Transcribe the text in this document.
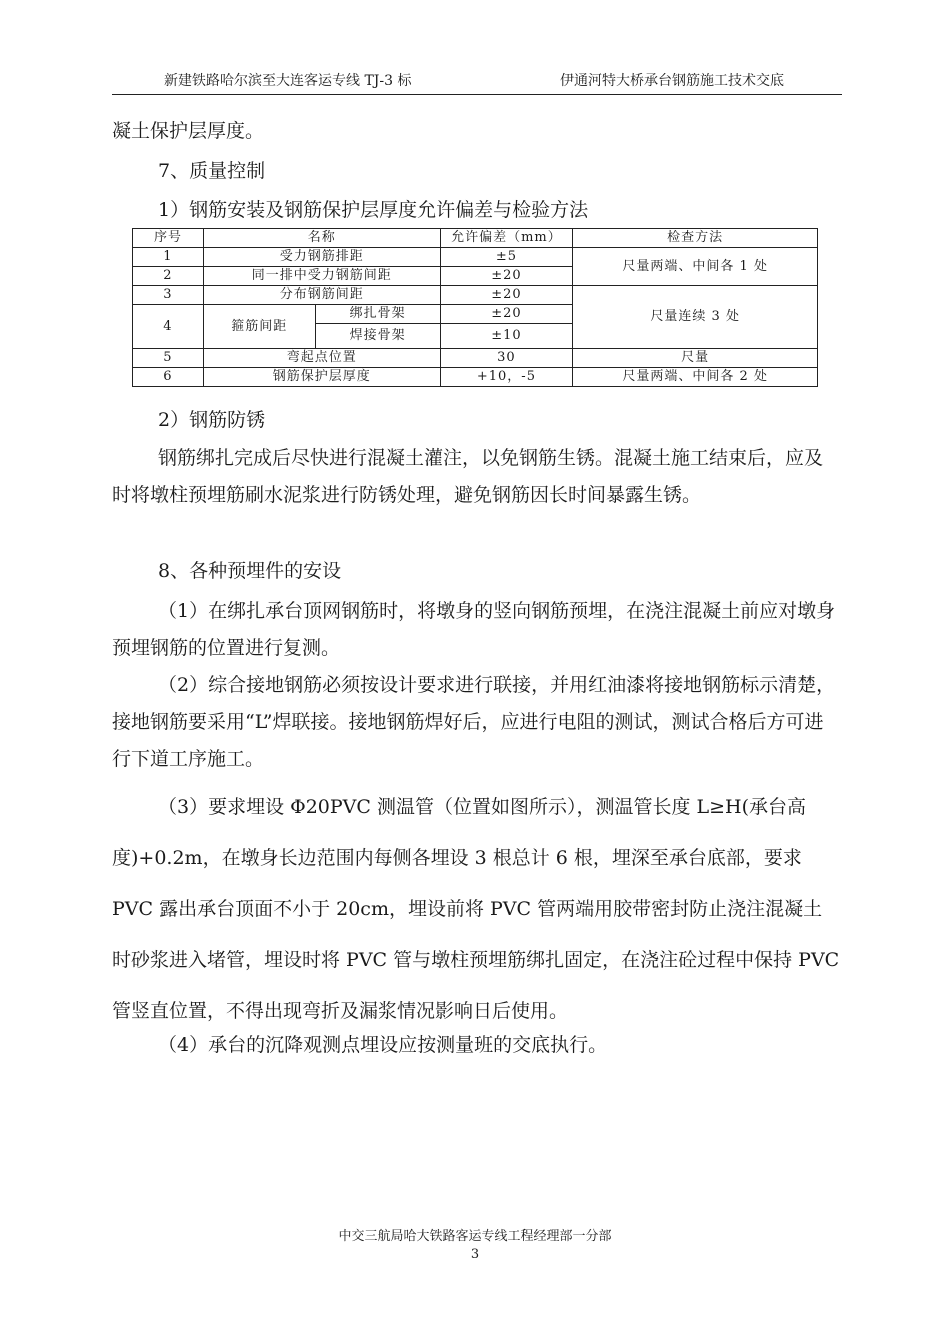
新建铁路哈尔滨至大连客运专线 TJ-3 标	伊通河特大桥承台钢筋施工技术交底

凝土保护层厚度。

7、质量控制

1）钢筋安装及钢筋保护层厚度允许偏差与检验方法

序号	名称		允许偏差（mm）	检查方法
1	受力钢筋排距		±5	尺量两端、中间各 1 处
2	同一排中受力钢筋间距		±20	
3	分布钢筋间距		±20	尺量连续 3 处
4	箍筋间距	绑扎骨架	±20	
		焊接骨架	±10	
5	弯起点位置		30	尺量
6	钢筋保护层厚度		+10，-5	尺量两端、中间各 2 处

2）钢筋防锈

钢筋绑扎完成后尽快进行混凝土灌注，以免钢筋生锈。混凝土施工结束后，应及时将墩柱预埋筋刷水泥浆进行防锈处理，避免钢筋因长时间暴露生锈。

8、各种预埋件的安设

（1）在绑扎承台顶网钢筋时，将墩身的竖向钢筋预埋，在浇注混凝土前应对墩身预埋钢筋的位置进行复测。

（2）综合接地钢筋必须按设计要求进行联接，并用红油漆将接地钢筋标示清楚，接地钢筋要采用“L”焊联接。接地钢筋焊好后，应进行电阻的测试，测试合格后方可进行下道工序施工。

（3）要求埋设 Φ20PVC 测温管（位置如图所示），测温管长度 L≥H(承台高度)+0.2m，在墩身长边范围内每侧各埋设 3 根总计 6 根，埋深至承台底部，要求 PVC 露出承台顶面不小于 20cm，埋设前将 PVC 管两端用胶带密封防止浇注混凝土时砂浆进入堵管，埋设时将 PVC 管与墩柱预埋筋绑扎固定，在浇注砼过程中保持 PVC 管竖直位置，不得出现弯折及漏浆情况影响日后使用。

（4）承台的沉降观测点埋设应按测量班的交底执行。

中交三航局哈大铁路客运专线工程经理部一分部
3
